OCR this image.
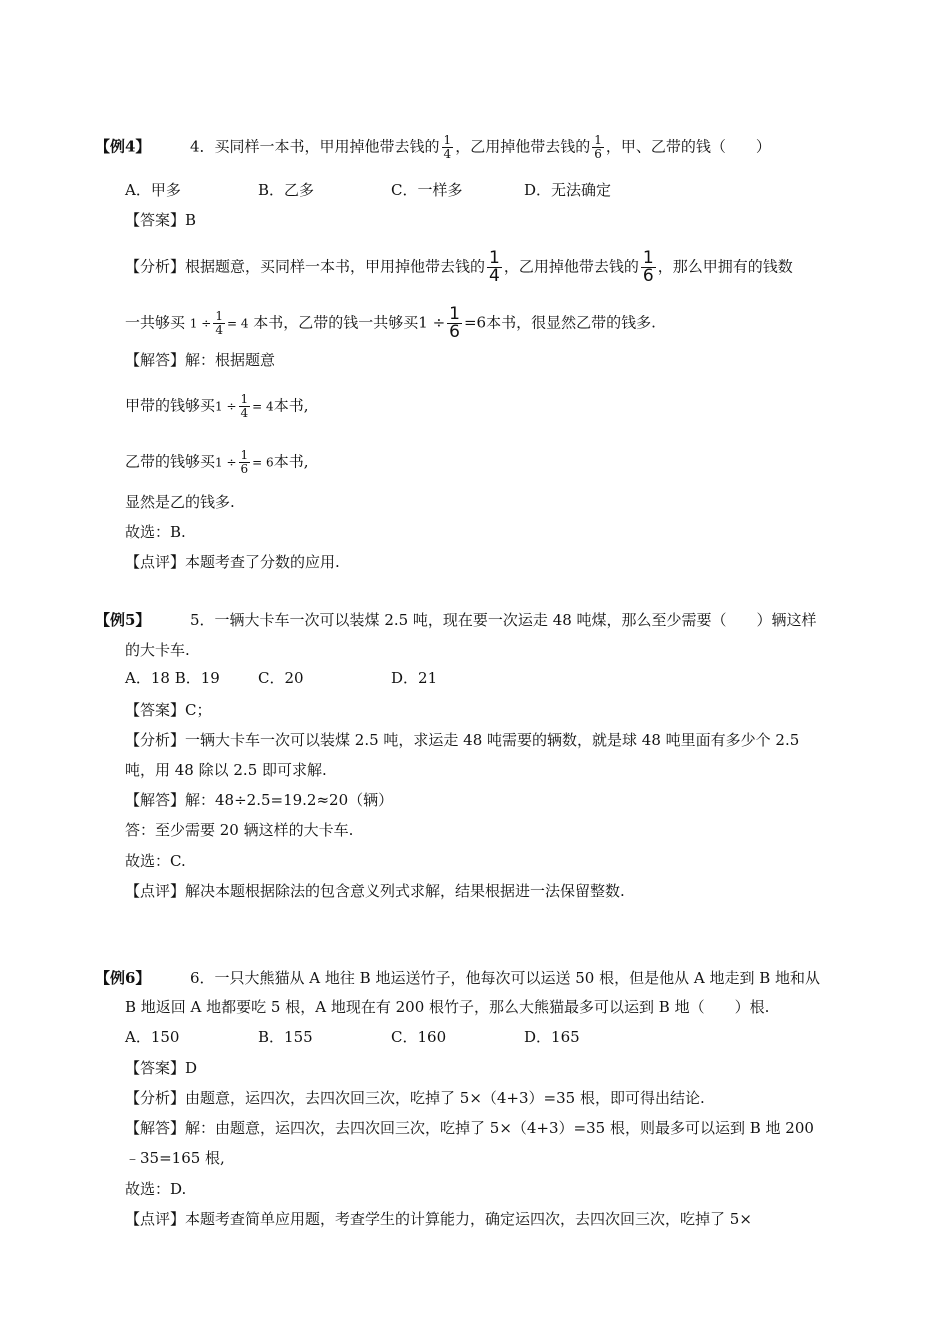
【例4】	4．买同样一本书，甲用掉他带去钱的 $\frac{1}{4}$ ，乙用掉他带去钱的 $\frac{1}{6}$ ，甲、乙带的钱（　　）
A．甲多	B．乙多	C．一样多	D．无法确定
【答案】B
【分析】根据题意，买同样一本书，甲用掉他带去钱的 $\frac{1}{4}$ ，乙用掉他带去钱的 $\frac{1}{6}$ ，那么甲拥有的钱数
一共够买 $1 \div \frac{1}{4} = 4$ 本书，乙带的钱一共够买$1 \div \frac{1}{6} =6$本书，很显然乙带的钱多.
【解答】解：根据题意
甲带的钱够买$1 \div \frac{1}{4} = 4$本书,
乙带的钱够买$1 \div \frac{1}{6} = 6$本书,
显然是乙的钱多.
故选：B.
【点评】本题考查了分数的应用.
【例5】	5．一辆大卡车一次可以装煤 2.5 吨，现在要一次运走 48 吨煤，那么至少需要（　　）辆这样
的大卡车.
A．18 B．19	C．20	D．21
【答案】C；
【分析】一辆大卡车一次可以装煤 2.5 吨，求运走 48 吨需要的辆数，就是球 48 吨里面有多少个 2.5
吨，用 48 除以 2.5 即可求解.
【解答】解：48÷2.5=19.2≈20（辆）
答：至少需要 20 辆这样的大卡车.
故选：C.
【点评】解决本题根据除法的包含意义列式求解，结果根据进一法保留整数.
【例6】	6．一只大熊猫从 A 地往 B 地运送竹子，他每次可以运送 50 根，但是他从 A 地走到 B 地和从
B 地返回 A 地都要吃 5 根，A 地现在有 200 根竹子，那么大熊猫最多可以运到 B 地（　　）根.
A．150	B．155	C．160	D．165
【答案】D
【分析】由题意，运四次，去四次回三次，吃掉了 5×（4+3）=35 根，即可得出结论.
【解答】解：由题意，运四次，去四次回三次，吃掉了 5×（4+3）=35 根，则最多可以运到 B 地 200
﹣35=165 根,
故选：D.
【点评】本题考查简单应用题，考查学生的计算能力，确定运四次，去四次回三次，吃掉了 5×
